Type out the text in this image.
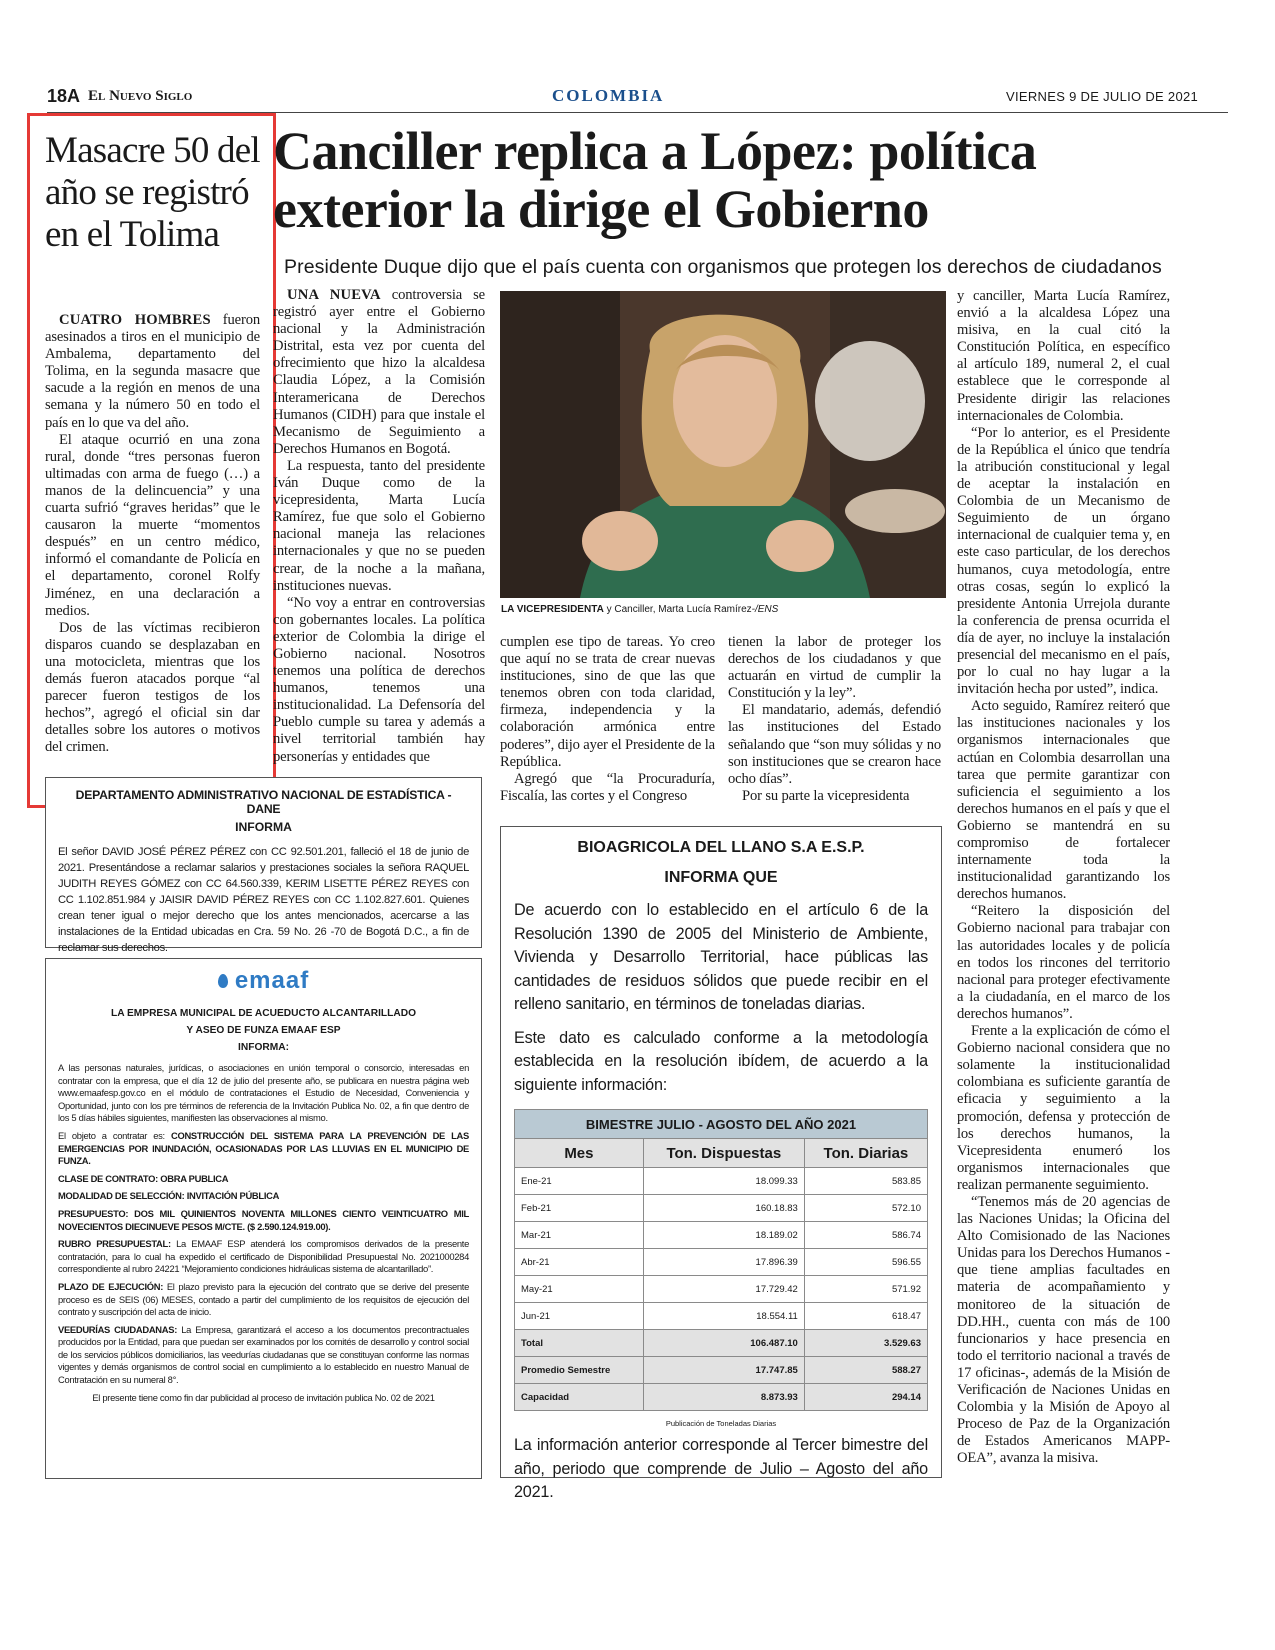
18A El Nuevo Siglo	COLOMBIA	VIERNES 9 DE JULIO DE 2021
Masacre 50 del año se registró en el Tolima

CUATRO HOMBRES fueron asesinados a tiros en el municipio de Ambalema, departamento del Tolima, en la segunda masacre que sacude a la región en menos de una semana y la número 50 en todo el país en lo que va del año.

El ataque ocurrió en una zona rural, donde “tres personas fueron ultimadas con arma de fuego (…) a manos de la delincuencia” y una cuarta sufrió “graves heridas” que le causaron la muerte “momentos después” en un centro médico, informó el comandante de Policía en el departamento, coronel Rolfy Jiménez, en una declaración a medios.

Dos de las víctimas recibieron disparos cuando se desplazaban en una motocicleta, mientras que los demás fueron atacados porque “al parecer fueron testigos de los hechos”, agregó el oficial sin dar detalles sobre los autores o motivos del crimen.

Canciller replica a López: política
exterior la dirige el Gobierno
Presidente Duque dijo que el país cuenta con organismos que protegen los derechos de ciudadanos

UNA NUEVA controversia se registró ayer entre el Gobierno nacional y la Administración Distrital, esta vez por cuenta del ofrecimiento que hizo la alcaldesa Claudia López, a la Comisión Interamericana de Derechos Humanos (CIDH) para que instale el Mecanismo de Seguimiento a Derechos Humanos en Bogotá.

La respuesta, tanto del presidente Iván Duque como de la vicepresidenta, Marta Lucía Ramírez, fue que solo el Gobierno nacional maneja las relaciones internacionales y que no se pueden crear, de la noche a la mañana, instituciones nuevas.

“No voy a entrar en controversias con gobernantes locales. La política exterior de Colombia la dirige el Gobierno nacional. Nosotros tenemos una política de derechos humanos, tenemos una institucionalidad. La Defensoría del Pueblo cumple su tarea y además a nivel territorial también hay personerías y entidades que

LA VICEPRESIDENTA y Canciller, Marta Lucía Ramírez-/ENS

cumplen ese tipo de tareas. Yo creo que aquí no se trata de crear nuevas instituciones, sino de que las que tenemos obren con toda claridad, firmeza, independencia y la colaboración armónica entre poderes”, dijo ayer el Presidente de la República.

Agregó que “la Procuraduría, Fiscalía, las cortes y el Congreso

tienen la labor de proteger los derechos de los ciudadanos y que actuarán en virtud de cumplir la Constitución y la ley”.

El mandatario, además, defendió las instituciones del Estado señalando que “son muy sólidas y no son instituciones que se crearon hace ocho días”.

Por su parte la vicepresidenta

y canciller, Marta Lucía Ramírez, envió a la alcaldesa López una misiva, en la cual citó la Constitución Política, en específico al artículo 189, numeral 2, el cual establece que le corresponde al Presidente dirigir las relaciones internacionales de Colombia.

“Por lo anterior, es el Presidente de la República el único que tendría la atribución constitucional y legal de aceptar la instalación en Colombia de un Mecanismo de Seguimiento de un órgano internacional de cualquier tema y, en este caso particular, de los derechos humanos, cuya metodología, entre otras cosas, según lo explicó la presidente Antonia Urrejola durante la conferencia de prensa ocurrida el día de ayer, no incluye la instalación presencial del mecanismo en el país, por lo cual no hay lugar a la invitación hecha por usted”, indica.

Acto seguido, Ramírez reiteró que las instituciones nacionales y los organismos internacionales que actúan en Colombia desarrollan una tarea que permite garantizar con suficiencia el seguimiento a los derechos humanos en el país y que el Gobierno se mantendrá en su compromiso de fortalecer internamente toda la institucionalidad garantizando los derechos humanos.

“Reitero la disposición del Gobierno nacional para trabajar con las autoridades locales y de policía en todos los rincones del territorio nacional para proteger efectivamente a la ciudadanía, en el marco de los derechos humanos”.

Frente a la explicación de cómo el Gobierno nacional considera que no solamente la institucionalidad colombiana es suficiente garantía de eficacia y seguimiento a la promoción, defensa y protección de los derechos humanos, la Vicepresidenta enumeró los organismos internacionales que realizan permanente seguimiento.

“Tenemos más de 20 agencias de las Naciones Unidas; la Oficina del Alto Comisionado de las Naciones Unidas para los Derechos Humanos -que tiene amplias facultades en materia de acompañamiento y monitoreo de la situación de DD.HH., cuenta con más de 100 funcionarios y hace presencia en todo el territorio nacional a través de 17 oficinas-, además de la Misión de Verificación de Naciones Unidas en Colombia y la Misión de Apoyo al Proceso de Paz de la Organización de Estados Americanos MAPP-OEA”, avanza la misiva.

DEPARTAMENTO ADMINISTRATIVO NACIONAL DE ESTADÍSTICA - DANE
INFORMA
El señor DAVID JOSÉ PÉREZ PÉREZ con CC 92.501.201, falleció el 18 de junio de 2021. Presentándose a reclamar salarios y prestaciones sociales la señora RAQUEL JUDITH REYES GÓMEZ con CC 64.560.339, KERIM LISETTE PÉREZ REYES con CC 1.102.851.984 y JAISIR DAVID PÉREZ REYES con CC 1.102.827.601. Quienes crean tener igual o mejor derecho que los antes mencionados, acercarse a las instalaciones de la Entidad ubicadas en Cra. 59 No. 26 -70 de Bogotá D.C., a fin de reclamar sus derechos.
emaaf
LA EMPRESA MUNICIPAL DE ACUEDUCTO ALCANTARILLADO
Y ASEO DE FUNZA EMAAF ESP
INFORMA:

A las personas naturales, jurídicas, o asociaciones en unión temporal o consorcio, interesadas en contratar con la empresa, que el día 12 de julio del presente año, se publicara en nuestra página web www.emaafesp.gov.co en el módulo de contrataciones el Estudio de Necesidad, Conveniencia y Oportunidad, junto con los pre términos de referencia de la Invitación Publica No. 02, a fin que dentro de los 5 días hábiles siguientes, manifiesten las observaciones al mismo.

El objeto a contratar es: CONSTRUCCIÓN DEL SISTEMA PARA LA PREVENCIÓN DE LAS EMERGENCIAS POR INUNDACIÓN, OCASIONADAS POR LAS LLUVIAS EN EL MUNICIPIO DE FUNZA.

CLASE DE CONTRATO: OBRA PUBLICA

MODALIDAD DE SELECCIÓN: INVITACIÓN PÚBLICA

PRESUPUESTO: DOS MIL QUINIENTOS NOVENTA MILLONES CIENTO VEINTICUATRO MIL NOVECIENTOS DIECINUEVE PESOS M/CTE. ($ 2.590.124.919.00).

RUBRO PRESUPUESTAL: La EMAAF ESP atenderá los compromisos derivados de la presente contratación, para lo cual ha expedido el certificado de Disponibilidad Presupuestal No. 2021000284 correspondiente al rubro 24221 “Mejoramiento condiciones hidráulicas sistema de alcantarillado”.

PLAZO DE EJECUCIÓN: El plazo previsto para la ejecución del contrato que se derive del presente proceso es de SEIS (06) MESES, contado a partir del cumplimiento de los requisitos de ejecución del contrato y suscripción del acta de inicio.

VEEDURÍAS CIUDADANAS: La Empresa, garantizará el acceso a los documentos precontractuales producidos por la Entidad, para que puedan ser examinados por los comités de desarrollo y control social de los servicios públicos domiciliarios, las veedurías ciudadanas que se constituyan conforme las normas vigentes y demás organismos de control social en cumplimiento a lo establecido en nuestro Manual de Contratación en su numeral 8°.

El presente tiene como fin dar publicidad al proceso de invitación publica No. 02 de 2021

BIOAGRICOLA DEL LLANO S.A E.S.P.
INFORMA QUE
De acuerdo con lo establecido en el artículo 6 de la Resolución 1390 de 2005 del Ministerio de Ambiente, Vivienda y Desarrollo Territorial, hace públicas las cantidades de residuos sólidos que puede recibir en el relleno sanitario, en términos de toneladas diarias.
Este dato es calculado conforme a la metodología establecida en la resolución ibídem, de acuerdo a la siguiente información:
BIMESTRE JULIO - AGOSTO DEL AÑO 2021		
Mes	Ton. Dispuestas	Ton. Diarias
Ene-21	18.099.33	583.85
Feb-21	160.18.83	572.10
Mar-21	18.189.02	586.74
Abr-21	17.896.39	596.55
May-21	17.729.42	571.92
Jun-21	18.554.11	618.47
Total	106.487.10	3.529.63
Promedio Semestre	17.747.85	588.27
Capacidad	8.873.93	294.14
Publicación de Toneladas Diarias
La información anterior corresponde al Tercer bimestre del año, periodo que comprende de Julio – Agosto del año 2021.
